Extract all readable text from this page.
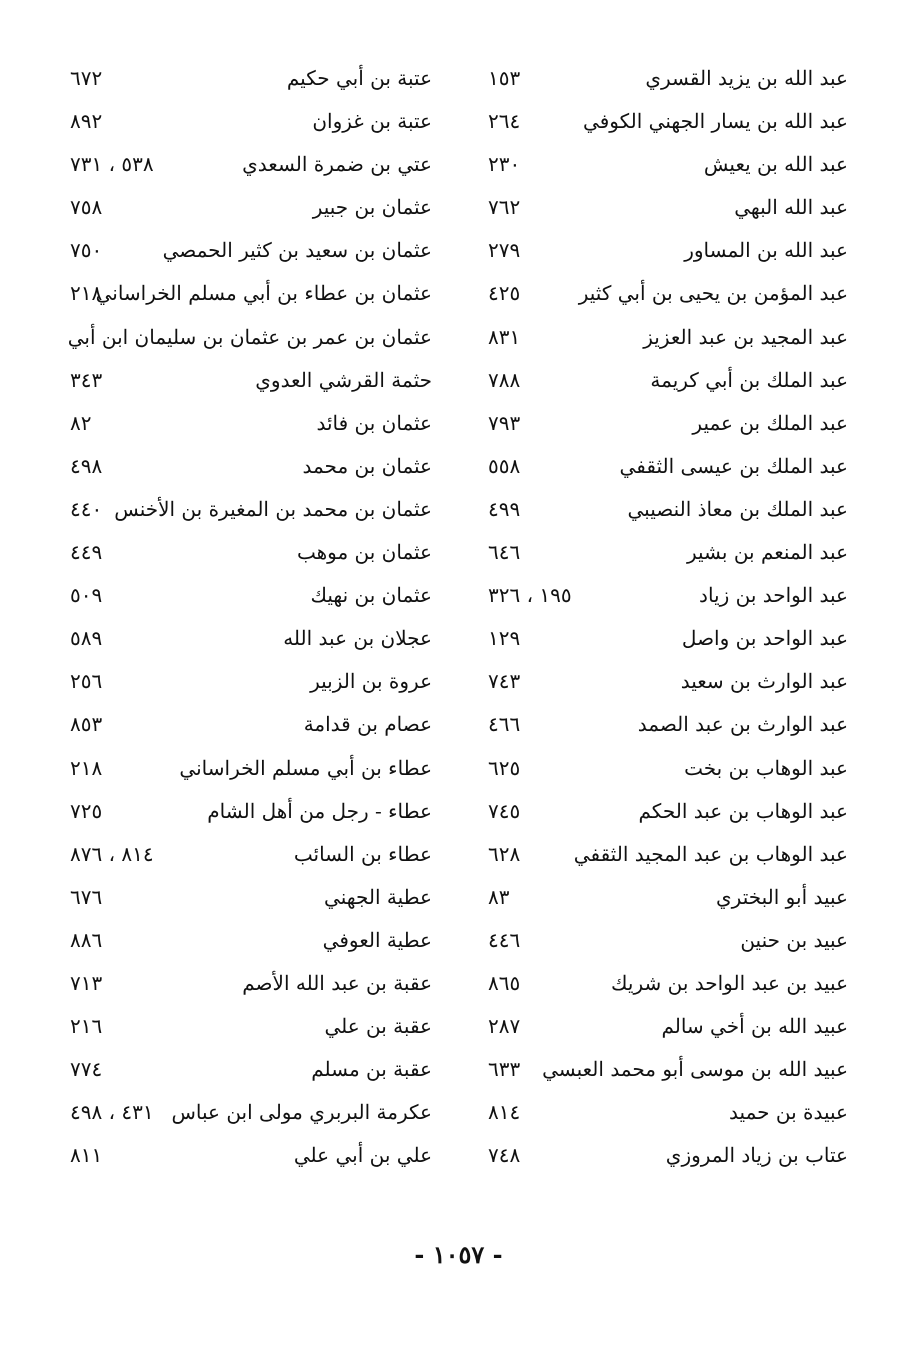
عبد الله بن يزيد القسري
١٥٣
عبد الله بن يسار الجهني الكوفي
٢٦٤
عبد الله بن يعيش
٢٣٠
عبد الله البهي
٧٦٢
عبد الله بن المساور
٢٧٩
عبد المؤمن بن يحيى بن أبي كثير
٤٢٥
عبد المجيد بن عبد العزيز
٨٣١
عبد الملك بن أبي كريمة
٧٨٨
عبد الملك بن عمير
٧٩٣
عبد الملك بن عيسى الثقفي
٥٥٨
عبد الملك بن معاذ النصيبي
٤٩٩
عبد المنعم بن بشير
٦٤٦
عبد الواحد بن زياد
١٩٥ ، ٣٢٦
عبد الواحد بن واصل
١٢٩
عبد الوارث بن سعيد
٧٤٣
عبد الوارث بن عبد الصمد
٤٦٦
عبد الوهاب بن بخت
٦٢٥
عبد الوهاب بن عبد الحكم
٧٤٥
عبد الوهاب بن عبد المجيد الثقفي
٦٢٨
عبيد أبو البختري
٨٣
عبيد بن حنين
٤٤٦
عبيد بن عبد الواحد بن شريك
٨٦٥
عبيد الله بن أخي سالم
٢٨٧
عبيد الله بن موسى أبو محمد العبسي
٦٣٣
عبيدة بن حميد
٨١٤
عتاب بن زياد المروزي
٧٤٨
عتبة بن أبي حكيم
٦٧٢
عتبة بن غزوان
٨٩٢
عتي بن ضمرة السعدي
٥٣٨ ، ٧٣١
عثمان بن جبير
٧٥٨
عثمان بن سعيد بن كثير الحمصي
٧٥٠
عثمان بن عطاء بن أبي مسلم الخراساني
٢١٨
عثمان بن عمر بن عثمان بن سليمان ابن أبي
حثمة القرشي العدوي
٣٤٣
عثمان بن فائد
٨٢
عثمان بن محمد
٤٩٨
عثمان بن محمد بن المغيرة بن الأخنس
٤٤٠
عثمان بن موهب
٤٤٩
عثمان بن نهيك
٥٠٩
عجلان بن عبد الله
٥٨٩
عروة بن الزبير
٢٥٦
عصام بن قدامة
٨٥٣
عطاء بن أبي مسلم الخراساني
٢١٨
عطاء - رجل من أهل الشام
٧٢٥
عطاء بن السائب
٨١٤ ، ٨٧٦
عطية الجهني
٦٧٦
عطية العوفي
٨٨٦
عقبة بن عبد الله الأصم
٧١٣
عقبة بن علي
٢١٦
عقبة بن مسلم
٧٧٤
عكرمة البربري مولى ابن عباس
٤٣١ ، ٤٩٨
علي بن أبي علي
٨١١
- ١٠٥٧ -
